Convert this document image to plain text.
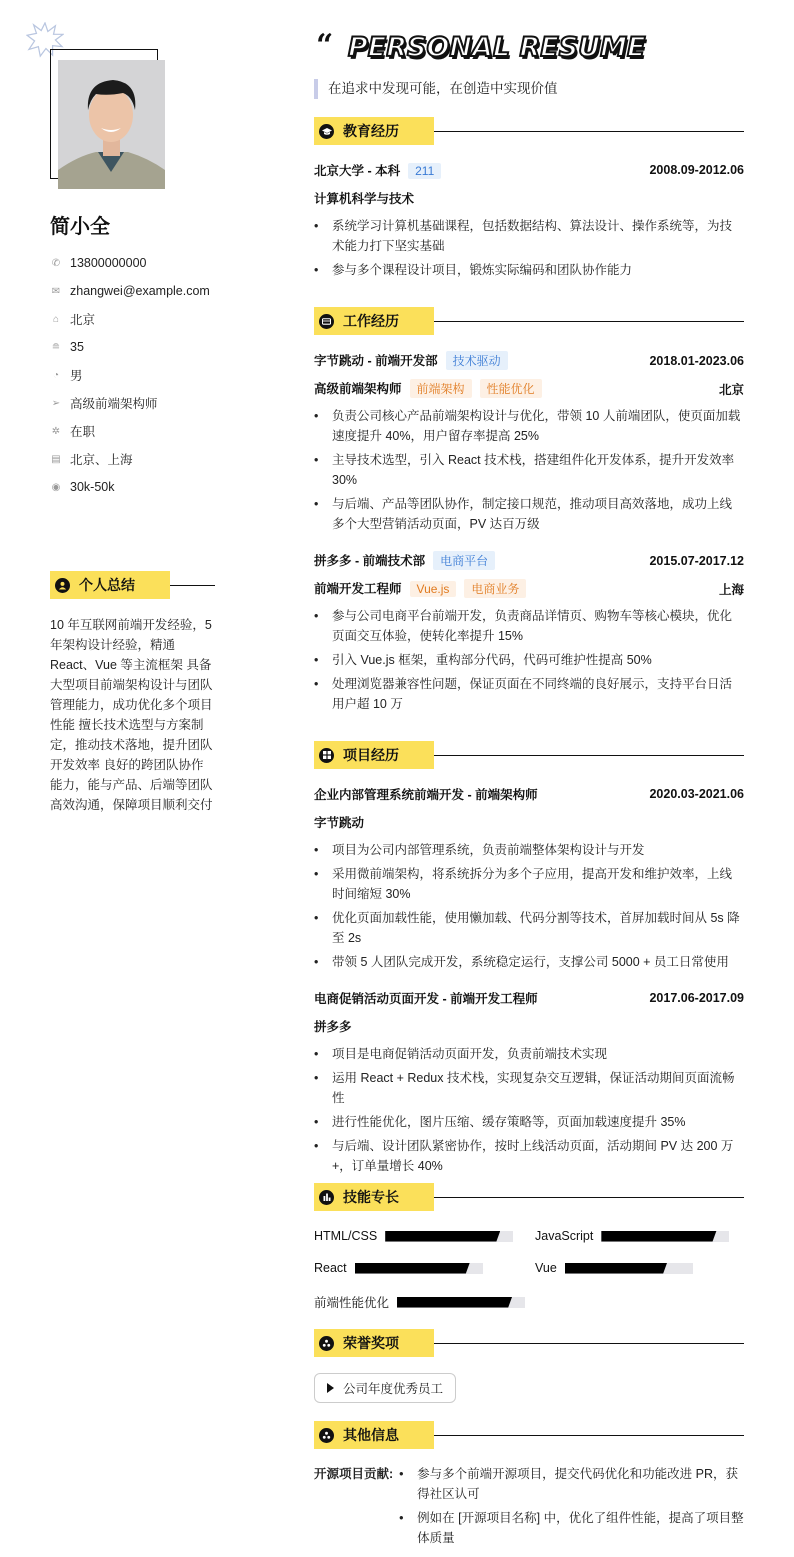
简小全
✆ 13800000000
✉ zhangwei@example.com
⌂ 北京
≘ 35
◔ 男
➢ 高级前端架构师
✲ 在职
▤ 北京、上海
◉ 30k-50k
个人总结
10 年互联网前端开发经验，5 年架构设计经验，精通 React、Vue 等主流框架 具备大型项目前端架构设计与团队管理能力，成功优化多个项目性能 擅长技术选型与方案制定，推动技术落地，提升团队开发效率 良好的跨团队协作能力，能与产品、后端等团队高效沟通，保障项目顺利交付
“ PERSONAL RESUME
在追求中发现可能，在创造中实现价值
教育经历
北京大学 - 本科 211	2008.09-2012.06
计算机科学与技术
• 系统学习计算机基础课程，包括数据结构、算法设计、操作系统等，为技术能力打下坚实基础
• 参与多个课程设计项目，锻炼实际编码和团队协作能力
工作经历
字节跳动 - 前端开发部 技术驱动	2018.01-2023.06
高级前端架构师 前端架构 性能优化	北京
• 负责公司核心产品前端架构设计与优化，带领 10 人前端团队，使页面加载速度提升 40%，用户留存率提高 25%
• 主导技术选型，引入 React 技术栈，搭建组件化开发体系，提升开发效率 30%
• 与后端、产品等团队协作，制定接口规范，推动项目高效落地，成功上线多个大型营销活动页面，PV 达百万级
拼多多 - 前端技术部 电商平台	2015.07-2017.12
前端开发工程师 Vue.js 电商业务	上海
• 参与公司电商平台前端开发，负责商品详情页、购物车等核心模块，优化页面交互体验，使转化率提升 15%
• 引入 Vue.js 框架，重构部分代码，代码可维护性提高 50%
• 处理浏览器兼容性问题，保证页面在不同终端的良好展示，支持平台日活用户超 10 万
项目经历
企业内部管理系统前端开发 - 前端架构师	2020.03-2021.06
字节跳动
• 项目为公司内部管理系统，负责前端整体架构设计与开发
• 采用微前端架构，将系统拆分为多个子应用，提高开发和维护效率，上线时间缩短 30%
• 优化页面加载性能，使用懒加载、代码分割等技术，首屏加载时间从 5s 降至 2s
• 带领 5 人团队完成开发，系统稳定运行，支撑公司 5000 + 员工日常使用
电商促销活动页面开发 - 前端开发工程师	2017.06-2017.09
拼多多
• 项目是电商促销活动页面开发，负责前端技术实现
• 运用 React + Redux 技术栈，实现复杂交互逻辑，保证活动期间页面流畅性
• 进行性能优化，图片压缩、缓存策略等，页面加载速度提升 35%
• 与后端、设计团队紧密协作，按时上线活动页面，活动期间 PV 达 200 万 +，订单量增长 40%
技能专长
HTML/CSS	JavaScript
React	Vue
前端性能优化
荣誉奖项
公司年度优秀员工
其他信息
开源项目贡献:	• 参与多个前端开源项目，提交代码优化和功能改进 PR，获得社区认可
• 例如在 [开源项目名称] 中，优化了组件性能，提高了项目整体质量
